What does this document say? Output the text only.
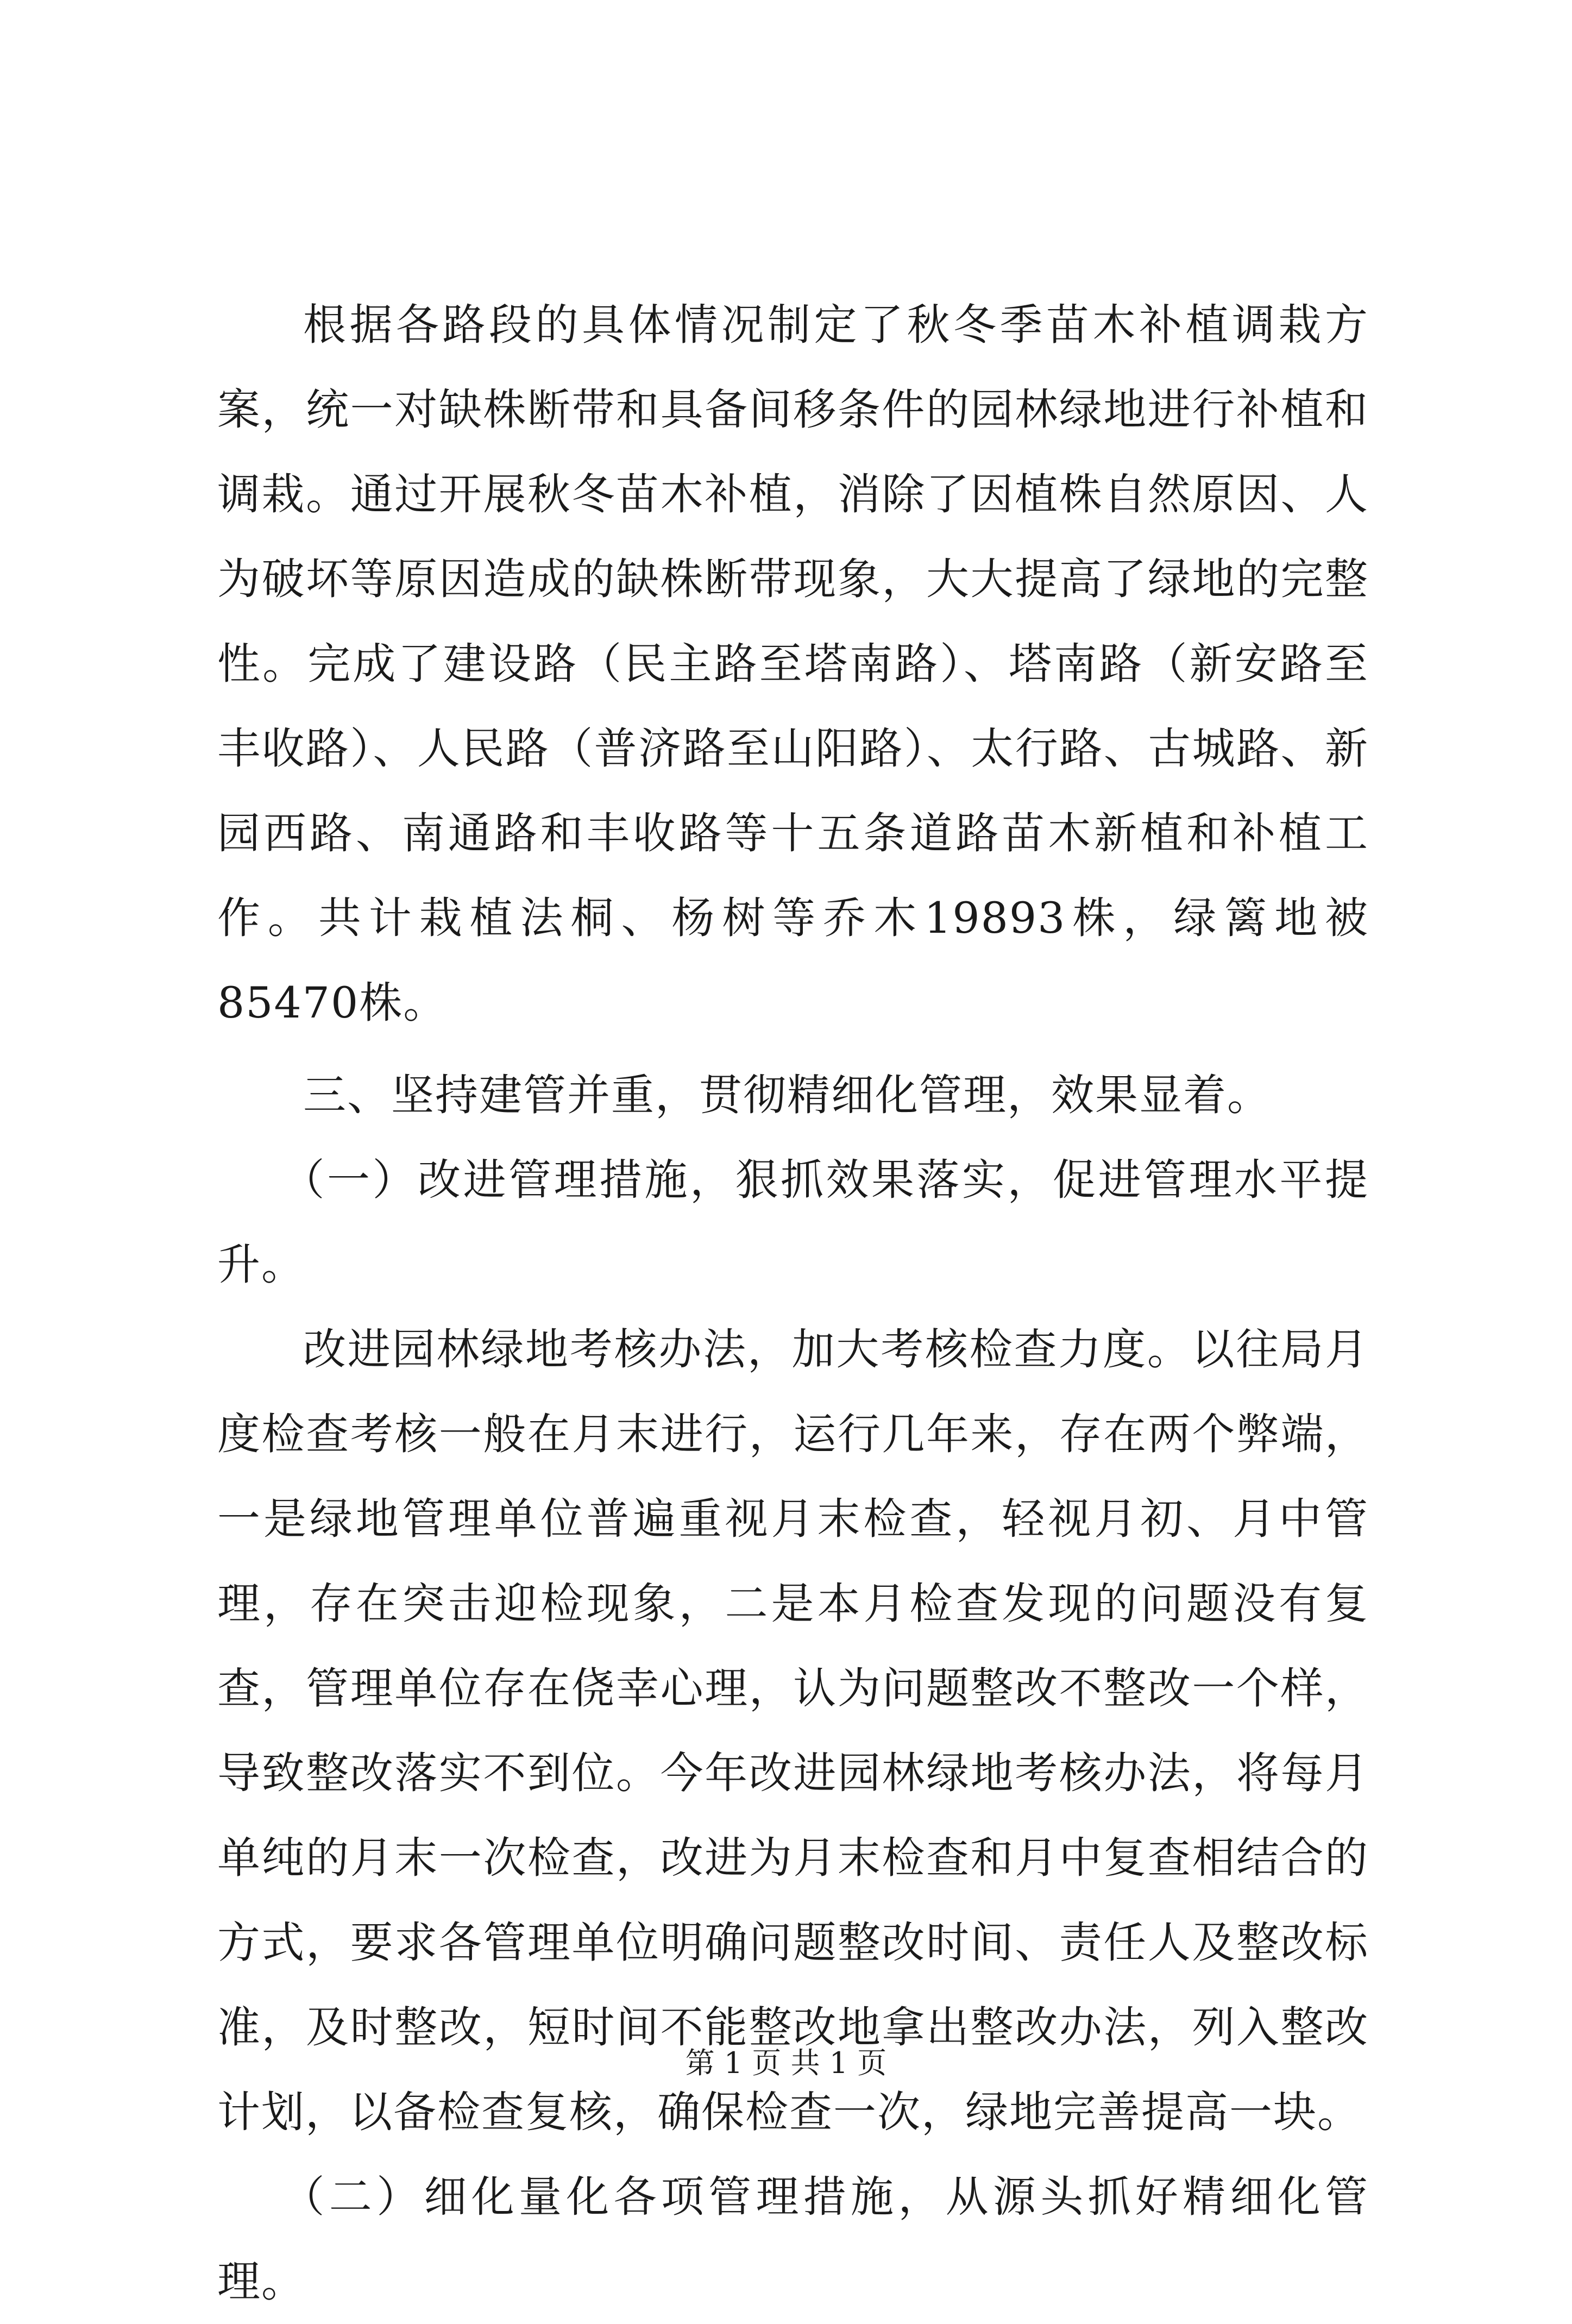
根据各路段的具体情况制定了秋冬季苗木补植调栽方案，统一对缺株断带和具备间移条件的园林绿地进行补植和调栽。通过开展秋冬苗木补植，消除了因植株自然原因、人为破坏等原因造成的缺株断带现象，大大提高了绿地的完整性。完成了建设路（民主路至塔南路）、塔南路（新安路至丰收路）、人民路（普济路至山阳路）、太行路、古城路、新园西路、南通路和丰收路等十五条道路苗木新植和补植工作。共计栽植法桐、杨树等乔木19893株，绿篱地被85470株。

三、坚持建管并重，贯彻精细化管理，效果显着。

（一）改进管理措施，狠抓效果落实，促进管理水平提升。

改进园林绿地考核办法，加大考核检查力度。以往局月度检查考核一般在月末进行，运行几年来，存在两个弊端，一是绿地管理单位普遍重视月末检查，轻视月初、月中管理，存在突击迎检现象，二是本月检查发现的问题没有复查，管理单位存在侥幸心理，认为问题整改不整改一个样，导致整改落实不到位。今年改进园林绿地考核办法，将每月单纯的月末一次检查，改进为月末检查和月中复查相结合的方式，要求各管理单位明确问题整改时间、责任人及整改标准，及时整改，短时间不能整改地拿出整改办法，列入整改计划，以备检查复核，确保检查一次，绿地完善提高一块。

（二）细化量化各项管理措施，从源头抓好精细化管理。

第 1 页 共 1 页
